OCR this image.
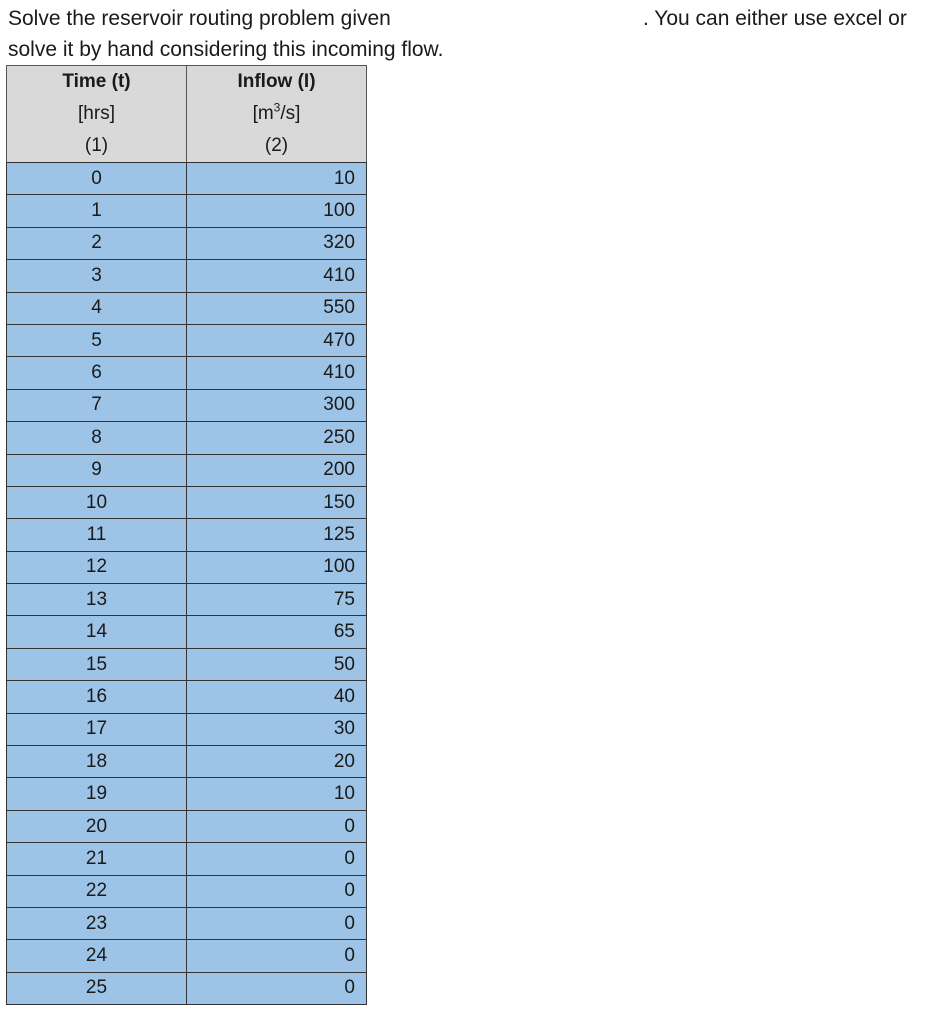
Solve the reservoir routing problem given	. You can either use excel or
solve it by hand considering this incoming flow.
Time (t)	Inflow (I)
[hrs]	$[m^3/s]$
(1)	(2)
0	10
1	100
2	320
3	410
4	550
5	470
6	410
7	300
8	250
9	200
10	150
11	125
12	100
13	75
14	65
15	50
16	40
17	30
18	20
19	10
20	0
21	0
22	0
23	0
24	0
25	0
